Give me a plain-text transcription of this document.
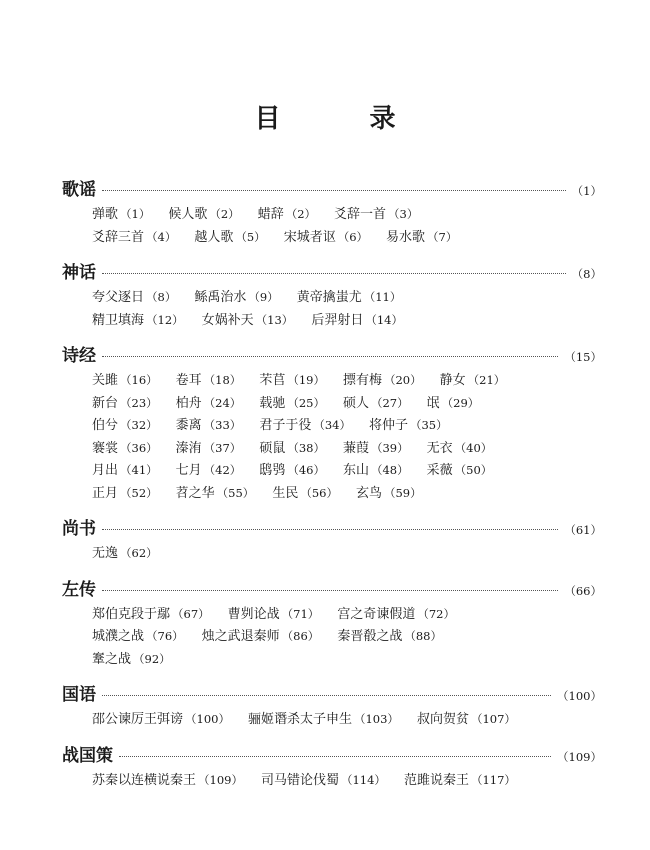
目 录
歌谣	（1）
弹歌 （1） 候人歌 （2） 蜡辞 （2） 爻辞一首 （3）
爻辞三首 （4） 越人歌 （5） 宋城者讴 （6） 易水歌 （7）
神话	（8）
夸父逐日 （8） 鲧禹治水 （9） 黄帝擒蚩尤 （11）
精卫填海 （12） 女娲补天 （13） 后羿射日 （14）
诗经	（15）
关雎 （16） 卷耳 （18） 芣苢 （19） 摽有梅 （20） 静女 （21）
新台 （23） 柏舟 （24） 载驰 （25） 硕人 （27） 氓 （29）
伯兮 （32） 黍离 （33） 君子于役 （34） 将仲子 （35）
褰裳 （36） 溱洧 （37） 硕鼠 （38） 蒹葭 （39） 无衣 （40）
月出 （41） 七月 （42） 鸱鸮 （46） 东山 （48） 采薇 （50）
正月 （52） 苕之华 （55） 生民 （56） 玄鸟 （59）
尚书	（61）
无逸 （62）
左传	（66）
郑伯克段于鄢 （67） 曹刿论战 （71） 宫之奇谏假道 （72）
城濮之战 （76） 烛之武退秦师 （86） 秦晋殽之战 （88）
鞌之战 （92）
国语	（100）
邵公谏厉王弭谤 （100） 骊姬谮杀太子申生 （103） 叔向贺贫 （107）
战国策	（109）
苏秦以连横说秦王 （109） 司马错论伐蜀 （114） 范雎说秦王 （117）
